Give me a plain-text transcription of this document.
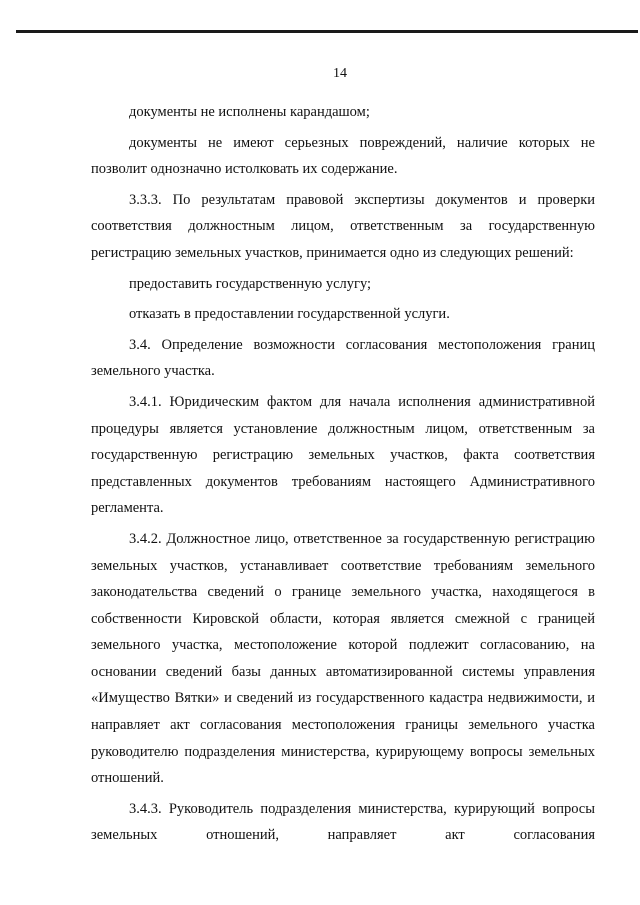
14

документы не исполнены карандашом;

документы не имеют серьезных повреждений, наличие которых не позволит однозначно истолковать их содержание.

3.3.3. По результатам правовой экспертизы документов и проверки соответствия должностным лицом, ответственным за государственную регистрацию земельных участков, принимается одно из следующих решений:

предоставить государственную услугу;

отказать в предоставлении государственной услуги.

3.4. Определение возможности согласования местоположения границ земельного участка.

3.4.1. Юридическим фактом для начала исполнения административной процедуры является установление должностным лицом, ответственным за государственную регистрацию земельных участков, факта соответствия представленных документов требованиям настоящего Административного регламента.

3.4.2. Должностное лицо, ответственное за государственную регистрацию земельных участков, устанавливает соответствие требованиям земельного законодательства сведений о границе земельного участка, находящегося в собственности Кировской области, которая является смежной с границей земельного участка, местоположение которой подлежит согласованию, на основании сведений базы данных автоматизированной системы управления «Имущество Вятки» и сведений из государственного кадастра недвижимости, и направляет акт согласования местоположения границы земельного участка руководителю подразделения министерства, курирующему вопросы земельных отношений.

3.4.3. Руководитель подразделения министерства, курирующий вопросы земельных отношений, направляет акт согласования
